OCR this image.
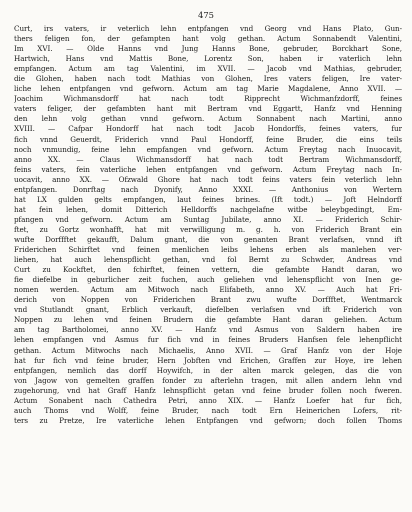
475
Curt, irs vaters, ir veterlich lehn entpfangen vnd Georg vnd Hans Plato, Gun-
thers feligen fon, der gefampten hant volg gethan. Actum Sonnabendt Valentini,
Im XVI. — Olde Hanns vnd Jung Hanns Bone, gebruder, Borckhart Sone,
Hartwich, Hans vnd Mattis Bone, Lorentz Son, haben ir vaterlich lehn
empfangen. Actum am tag Valentini, im XVII. — Jacob vnd Mathias, gebruder,
die Glohen, haben nach todt Mathias von Glohen, Ires vaters feligen, Ire vater-
liche lehen entpfangen vnd gefworn. Actum am tag Marie Magdalene, Anno XVII. —
Joachim Wichmansdorff hat nach todt Ripprecht Wichmanfzdorff, feines
vaters feliger, der gefambten hant mit Bertram vnd Eggartt, Hanfz vnd Henning
den lehn volg gethan vnnd gefworn. Actum Sonnabent nach Martini, anno
XVIII. — Cafpar Hondorff hat nach todt Jacob Hondorffs, feines vaters, fur
fich vnnd Geuerdt, Friderich vnnd Paul Hondorff, feine Bruder, die eins teils
noch vnmundig, feine lehn empfangen vnd gefworn. Actum Freytag nach Inuocavit,
anno XX. — Claus Wichmansdorff hat nach todt Bertram Wichmansdorff,
feins vaters, fein vaterliche lehen entpfangen vnd gefworn. Actum Freytag nach In-
uocavit, anno XX. — Ofzwald Ghore hat nach todt feins vaters fein veterlich lehn
entpfangen. Donrftag nach Dyonify, Anno XXXI. — Anthonius von Wertern
hat LX gulden gelts empfangen, laut feines brines. (Ift todt.) — Joft Helndorff
hat fein lehen, domit Ditterich Helldorffs nachgelafne witbe beleybgedingt, Em-
pfangen vnd gefworn. Actum am Suntag Jubilate, anno XI. — Friderich Schir-
ftet, zu Gortz wonhafft, hat mit verwilligung m. g. h. von Friderich Brant ein
wufte Dorffftet gekaufft, Dalum gnant, die von genanten Brant verlafsen, vnnd ift
Friderichen Schirftet vnd feinen menlichen leibs lehens erben als manlehen ver-
liehen, hat auch lehenspflicht gethan, vnd fol Bernt zu Schwder, Andreas vnd
Curt zu Kockftet, den fchirftet, feinen vettern, die gefambte Handt daran, wo
fie diefelbe in geburlicher zeit fuchen, auch geliehen vnd lehenspflicht von Inen ge-
nomen werden. Actum am Mitwoch nach Elifabeth, anno XV. — Auch hat Fri-
derich von Noppen von Friderichen Brant zwu wufte Dorffftet, Wentmarck
vnd Stutlandt gnant, Erblich verkauft, diefelben verlafsen vnd ift Friderich von
Noppen zu lehen vnd feinen Brudern die gefambte Hant daran geliehen. Actum
am tag Bartholomei, anno XV. — Hanfz vnd Asmus von Saldern haben ire
lehen empfangen vnd Asmus fur fich vnd in feines Bruders Hanfsen fele lehenpflicht
gethan. Actum Mitwochs nach Michaelis, Anno XVII. — Graf Hanfz von der Hoje
hat fur fich vnd feine bruder, Hern Jobften vnd Erichen, Graffen zur Hoye, ire lehen
entpfangen, nemlich das dorff Hoywifch, in der alten marck gelegen, das die von
von Jagow von gemelten graffen fonder zu afterlehn tragen, mit allen andern lehn vnd
zugehorung, vnd hat Graff Hanfz lehnspflicht getan vnd feine bruder follen noch fweren.
Actum Sonabent nach Cathedra Petri, anno XIX. — Hanfz Loefer hat fur fich,
auch Thoms vnd Wolff, feine Bruder, nach todt Ern Heinerichen Lofers, rit-
ters zu Pretze, Ire vaterliche lehen Entpfangen vnd gefworn; doch follen Thoms
